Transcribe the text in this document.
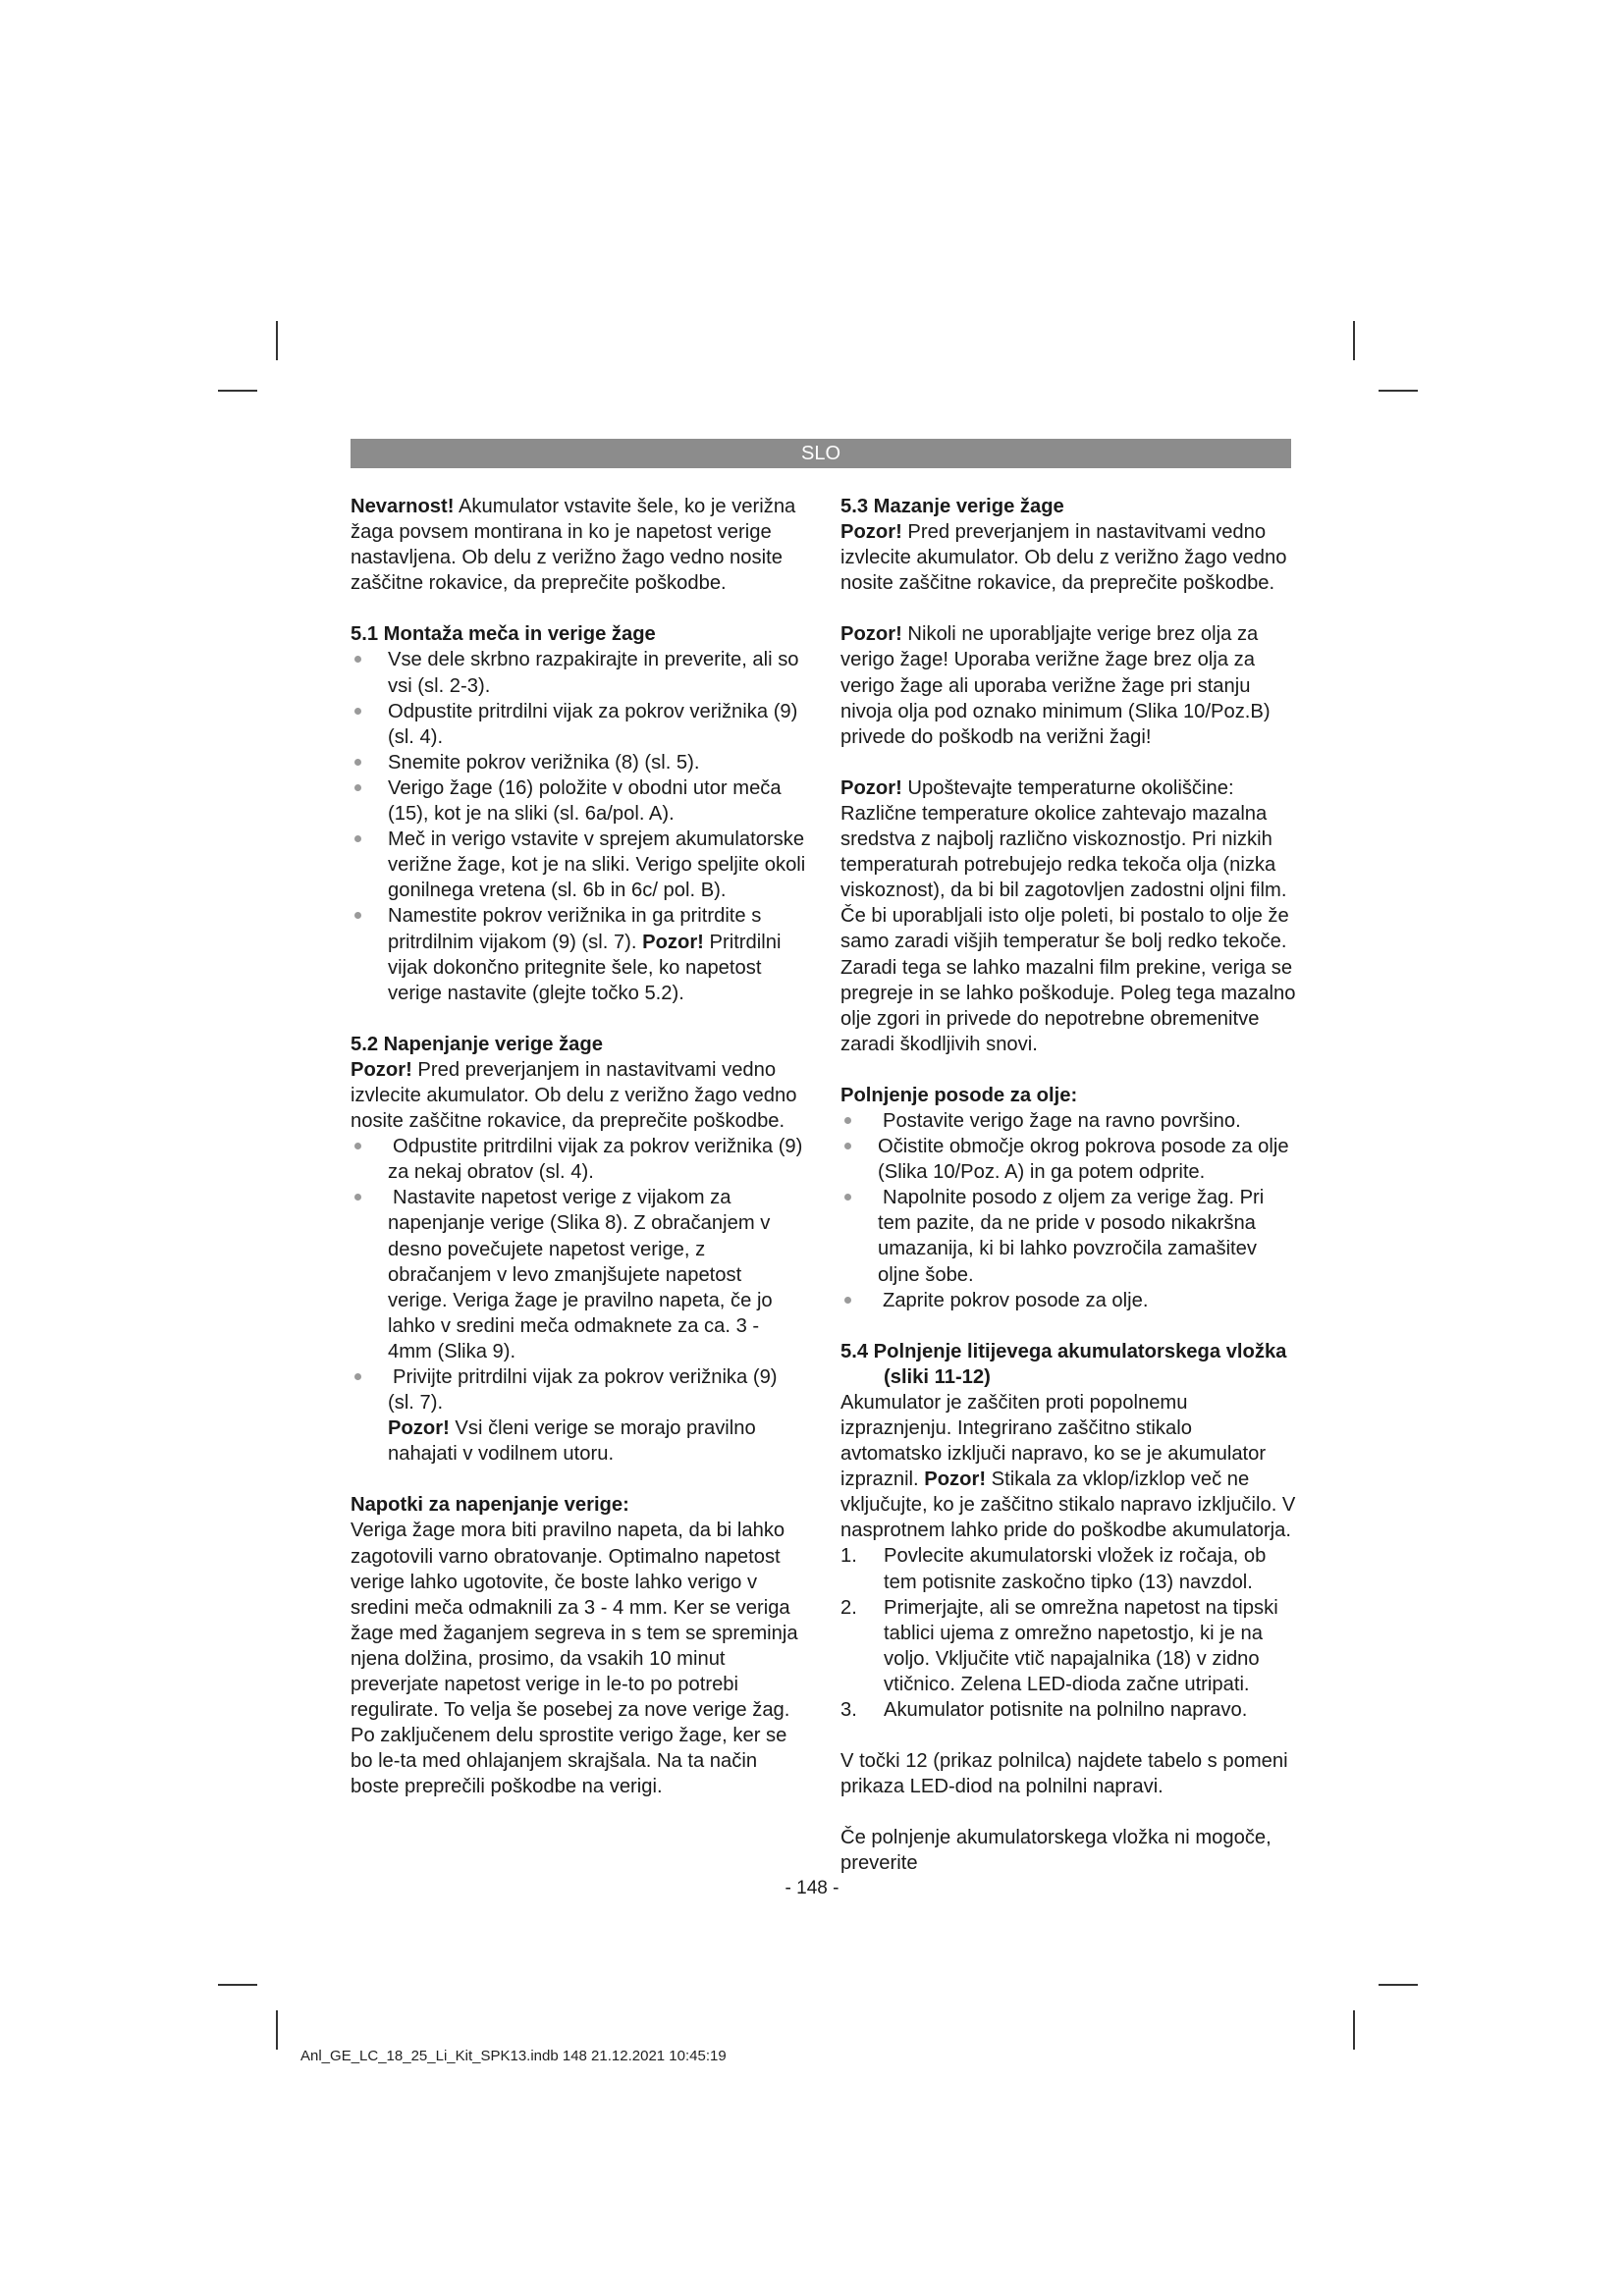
SLO

Nevarnost! Akumulator vstavite šele, ko je verižna žaga povsem montirana in ko je napetost verige nastavljena. Ob delu z verižno žago vedno nosite zaščitne rokavice, da preprečite poškodbe.

5.1 Montaža meča in verige žage
Vse dele skrbno razpakirajte in preverite, ali so vsi (sl. 2-3).
Odpustite pritrdilni vijak za pokrov verižnika (9) (sl. 4).
Snemite pokrov verižnika (8) (sl. 5).
Verigo žage (16) položite v obodni utor meča (15), kot je na sliki (sl. 6a/pol. A).
Meč in verigo vstavite v sprejem akumulatorske verižne žage, kot je na sliki. Verigo speljite okoli gonilnega vretena (sl. 6b in 6c/ pol. B).
Namestite pokrov verižnika in ga pritrdite s pritrdilnim vijakom (9) (sl. 7). Pozor! Pritrdilni vijak dokončno pritegnite šele, ko napetost verige nastavite (glejte točko 5.2).
5.2 Napenjanje verige žage

Pozor! Pred preverjanjem in nastavitvami vedno izvlecite akumulator. Ob delu z verižno žago vedno nosite zaščitne rokavice, da preprečite poškodbe.

Odpustite pritrdilni vijak za pokrov verižnika (9) za nekaj obratov (sl. 4).
Nastavite napetost verige z vijakom za napenjanje verige (Slika 8). Z obračanjem v desno povečujete napetost verige, z obračanjem v levo zmanjšujete napetost verige. Veriga žage je pravilno napeta, če jo lahko v sredini meča odmaknete za ca. 3 - 4mm (Slika 9).
Privijte pritrdilni vijak za pokrov verižnika (9) (sl. 7).

Pozor! Vsi členi verige se morajo pravilno nahajati v vodilnem utoru.

Napotki za napenjanje verige:

Veriga žage mora biti pravilno napeta, da bi lahko zagotovili varno obratovanje. Optimalno napetost verige lahko ugotovite, če boste lahko verigo v sredini meča odmaknili za 3 - 4 mm. Ker se veriga žage med žaganjem segreva in s tem se spreminja njena dolžina, prosimo, da vsakih 10 minut preverjate napetost verige in le-to po potrebi regulirate. To velja še posebej za nove verige žag. Po zaključenem delu sprostite verigo žage, ker se bo le-ta med ohlajanjem skrajšala. Na ta način boste preprečili poškodbe na verigi.

5.3 Mazanje verige žage

Pozor! Pred preverjanjem in nastavitvami vedno izvlecite akumulator. Ob delu z verižno žago vedno nosite zaščitne rokavice, da preprečite poškodbe.

Pozor! Nikoli ne uporabljajte verige brez olja za verigo žage! Uporaba verižne žage brez olja za verigo žage ali uporaba verižne žage pri stanju nivoja olja pod oznako minimum (Slika 10/Poz.B) privede do poškodb na verižni žagi!

Pozor! Upoštevajte temperaturne okoliščine: Različne temperature okolice zahtevajo mazalna sredstva z najbolj različno viskoznostjo. Pri nizkih temperaturah potrebujejo redka tekoča olja (nizka viskoznost), da bi bil zagotovljen zadostni oljni film. Če bi uporabljali isto olje poleti, bi postalo to olje že samo zaradi višjih temperatur še bolj redko tekoče. Zaradi tega se lahko mazalni film prekine, veriga se pregreje in se lahko poškoduje. Poleg tega mazalno olje zgori in privede do nepotrebne obremenitve zaradi škodljivih snovi.

Polnjenje posode za olje:
Postavite verigo žage na ravno površino.
Očistite območje okrog pokrova posode za olje (Slika 10/Poz. A) in ga potem odprite.
Napolnite posodo z oljem za verige žag. Pri tem pazite, da ne pride v posodo nikakršna umazanija, ki bi lahko povzročila zamašitev oljne šobe.
Zaprite pokrov posode za olje.
5.4 Polnjenje litijevega akumulatorskega vložka (sliki 11-12)

Akumulator je zaščiten proti popolnemu izpraznjenju. Integrirano zaščitno stikalo avtomatsko izključi napravo, ko se je akumulator izpraznil. Pozor! Stikala za vklop/izklop več ne vključujte, ko je zaščitno stikalo napravo izključilo. V nasprotnem lahko pride do poškodbe akumulatorja.

1. Povlecite akumulatorski vložek iz ročaja, ob tem potisnite zaskočno tipko (13) navzdol.
2. Primerjajte, ali se omrežna napetost na tipski tablici ujema z omrežno napetostjo, ki je na voljo. Vključite vtič napajalnika (18) v zidno vtičnico. Zelena LED-dioda začne utripati.
3. Akumulator potisnite na polnilno napravo.

V točki 12 (prikaz polnilca) najdete tabelo s pomeni prikaza LED-diod na polnilni napravi.

Če polnjenje akumulatorskega vložka ni mogoče, preverite

- 148 -
Anl_GE_LC_18_25_Li_Kit_SPK13.indb 148 21.12.2021 10:45:19
